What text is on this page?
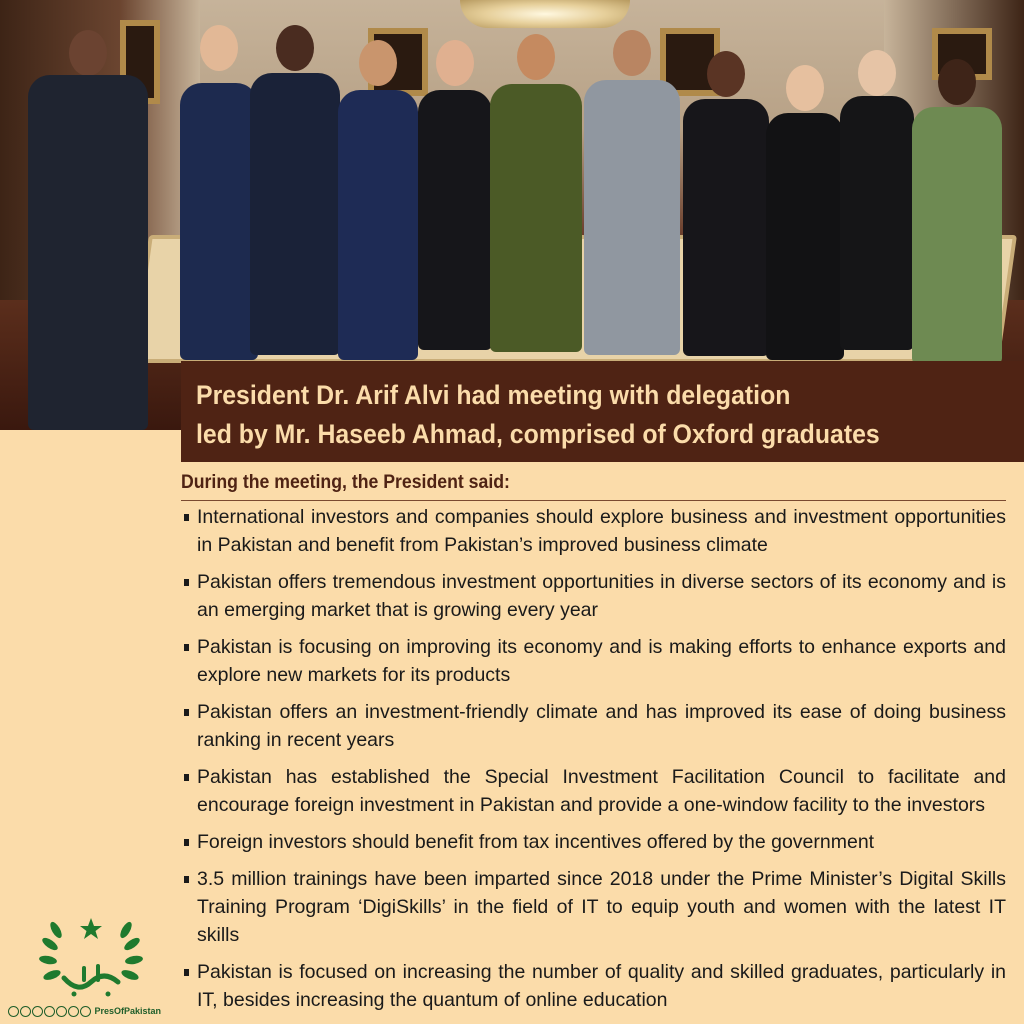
President Dr. Arif Alvi had meeting with delegation
led by Mr. Haseeb Ahmad, comprised of Oxford graduates

During the meeting, the President said:

International investors and companies should explore business and investment opportunities in Pakistan and benefit from Pakistan’s improved business climate
Pakistan offers tremendous investment opportunities in diverse sectors of its economy and is an emerging market that is growing every year
Pakistan is focusing on improving its economy and is making efforts to enhance exports and explore new markets for its products
Pakistan offers an investment-friendly climate and has improved its ease of doing business ranking in recent years
Pakistan has established the Special Investment Facilitation Council to facilitate and encourage foreign investment in Pakistan and provide a one-window facility to the investors
Foreign investors should benefit from tax incentives offered by the government
3.5 million trainings have been imparted since 2018 under the Prime Minister’s Digital Skills Training Program ‘DigiSkills’ in the field of IT to equip youth and women with the latest IT skills
Pakistan is focused on increasing the number of quality and skilled graduates, particularly in IT, besides increasing the quantum of online education
PresOfPakistan
